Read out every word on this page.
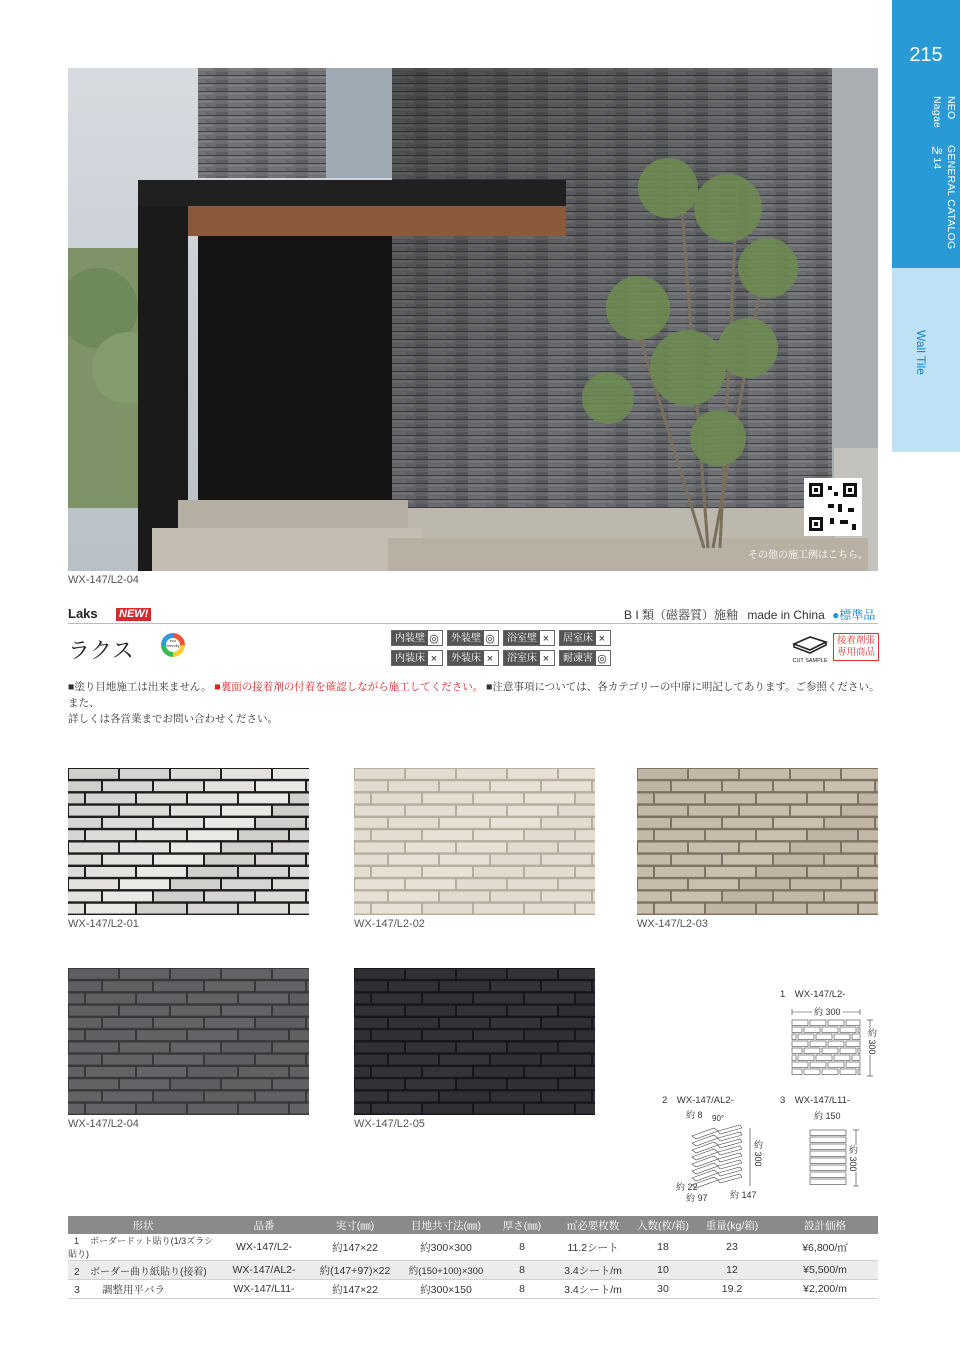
215
NEO Nagae
GENERAL CATALOG №14
Wall Tile
その他の施工例はこちら。
WX-147/L2-04
Laks NEW!	B I 類（磁器質）施釉 made in China ●標準品
ラクス	eco friendly
内装壁 ◎	外装壁 ◎	浴室壁 ×	居室床 ×
内装床 ×	外装床 ×	浴室床 ×	耐凍害 ◎	CUT SAMPLE
接着剤張
専用商品
■塗り目地施工は出来ません。 ■裏面の接着剤の付着を確認しながら施工してください。 ■注意事項については、各カテゴリーの中扉に明記してあります。ご参照ください。また、
詳しくは各営業までお問い合わせください。
WX-147/L2-01	WX-147/L2-02	WX-147/L2-03
WX-147/L2-04	WX-147/L2-05
1　WX-147/L2-
約 300
約 300
2　WX-147/AL2-
約 8 90°
約 300
約 22
約 97 約 147
3　WX-147/L11-
約 150
約 300
形状	品番	実寸(㎜)	目地共寸法(㎜)	厚さ(㎜)	㎡必要枚数	入数(枚/箱)	重量(kg/箱)	設計価格
1 ボーダードット貼り(1/3ズラシ貼り)	WX-147/L2-	約147×22	約300×300	8	11.2シート	18	23	¥6,800/㎡
2 ボーダー曲り紙貼り(接着)	WX-147/AL2-	約(147+97)×22	約(150+100)×300	8	3.4シート/m	10	12	¥5,500/m
3 調整用平バラ	WX-147/L11-	約147×22	約300×150	8	3.4シート/m	30	19.2	¥2,200/m
